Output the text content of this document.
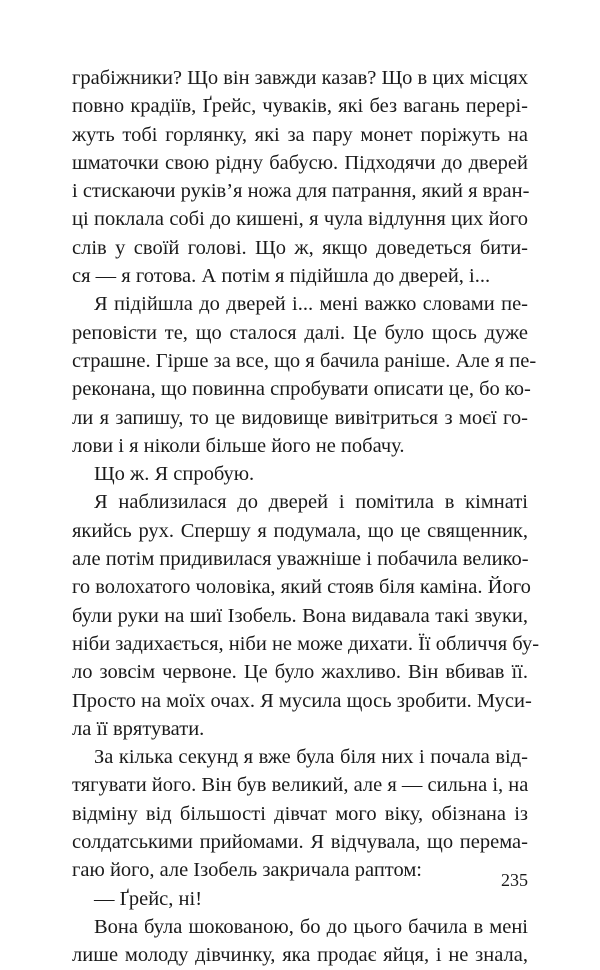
грабіжники? Що він завжди казав? Що в цих місцях
повно крадіїв, Ґрейс, чуваків, які без вагань перері-
жуть тобі горлянку, які за пару монет поріжуть на
шматочки свою рідну бабусю. Підходячи до дверей
і стискаючи руків’я ножа для патрання, який я вран-
ці поклала собі до кишені, я чула відлуння цих його
слів у своїй голові. Що ж, якщо доведеться бити-
ся — я готова. А потім я підійшла до дверей, і...

Я підійшла до дверей і... мені важко словами пе-
реповісти те, що сталося далі. Це було щось дуже
страшне. Гірше за все, що я бачила раніше. Але я пе-
реконана, що повинна спробувати описати це, бо ко-
ли я запишу, то це видовище вивітриться з моєї го-
лови і я ніколи більше його не побачу.

Що ж. Я спробую.

Я наблизилася до дверей і помітила в кімнаті
якийсь рух. Спершу я подумала, що це священник,
але потім придивилася уважніше і побачила велико-
го волохатого чоловіка, який стояв біля каміна. Його
були руки на шиї Ізобель. Вона видавала такі звуки,
ніби задихається, ніби не може дихати. Її обличчя бу-
ло зовсім червоне. Це було жахливо. Він вбивав її.
Просто на моїх очах. Я мусила щось зробити. Муси-
ла її врятувати.

За кілька секунд я вже була біля них і почала від-
тягувати його. Він був великий, але я — сильна і, на
відміну від більшості дівчат мого віку, обізнана із
солдатськими прийомами. Я відчувала, що перема-
гаю його, але Ізобель закричала раптом:

— Ґрейс, ні!

Вона була шокованою, бо до цього бачила в мені
лише молоду дівчинку, яка продає яйця, і не знала,

235
